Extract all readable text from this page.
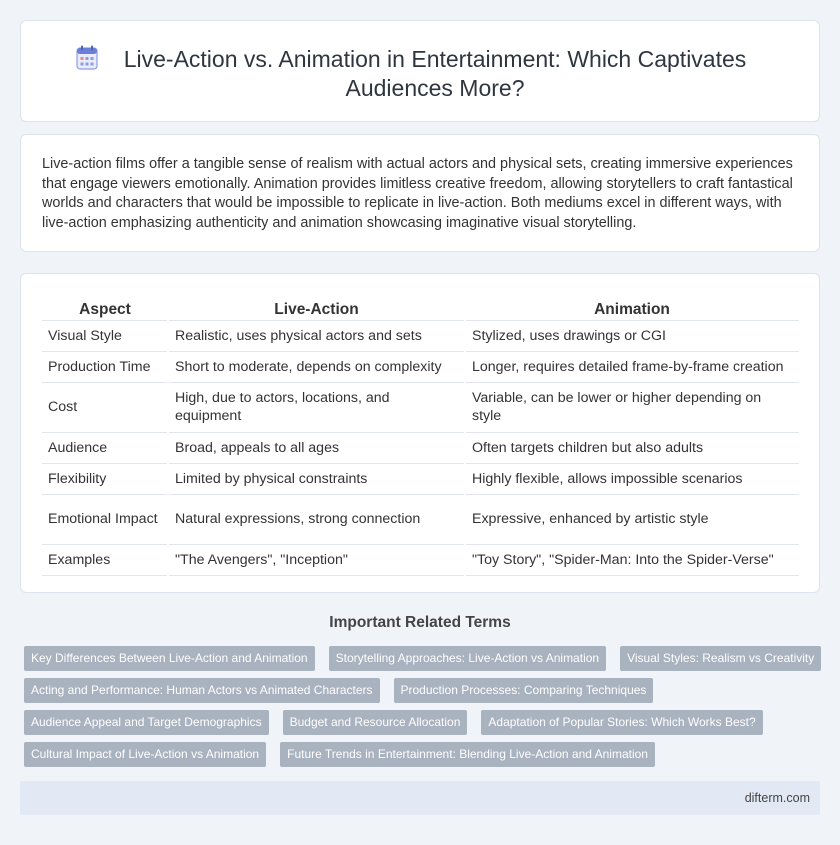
Live-Action vs. Animation in Entertainment: Which Captivates Audiences More?

Live-action films offer a tangible sense of realism with actual actors and physical sets, creating immersive experiences that engage viewers emotionally. Animation provides limitless creative freedom, allowing storytellers to craft fantastical worlds and characters that would be impossible to replicate in live-action. Both mediums excel in different ways, with live-action emphasizing authenticity and animation showcasing imaginative visual storytelling.

Aspect	Live-Action	Animation
Visual Style	Realistic, uses physical actors and sets	Stylized, uses drawings or CGI
Production Time	Short to moderate, depends on complexity	Longer, requires detailed frame-by-frame creation
Cost	High, due to actors, locations, and equipment	Variable, can be lower or higher depending on style
Audience	Broad, appeals to all ages	Often targets children but also adults
Flexibility	Limited by physical constraints	Highly flexible, allows impossible scenarios
Emotional Impact	Natural expressions, strong connection	Expressive, enhanced by artistic style
Examples	"The Avengers", "Inception"	"Toy Story", "Spider-Man: Into the Spider-Verse"
Important Related Terms
Key Differences Between Live-Action and Animation	Storytelling Approaches: Live-Action vs Animation	Visual Styles: Realism vs Creativity
Acting and Performance: Human Actors vs Animated Characters	Production Processes: Comparing Techniques
Audience Appeal and Target Demographics	Budget and Resource Allocation	Adaptation of Popular Stories: Which Works Best?
Cultural Impact of Live-Action vs Animation	Future Trends in Entertainment: Blending Live-Action and Animation
difterm.com
